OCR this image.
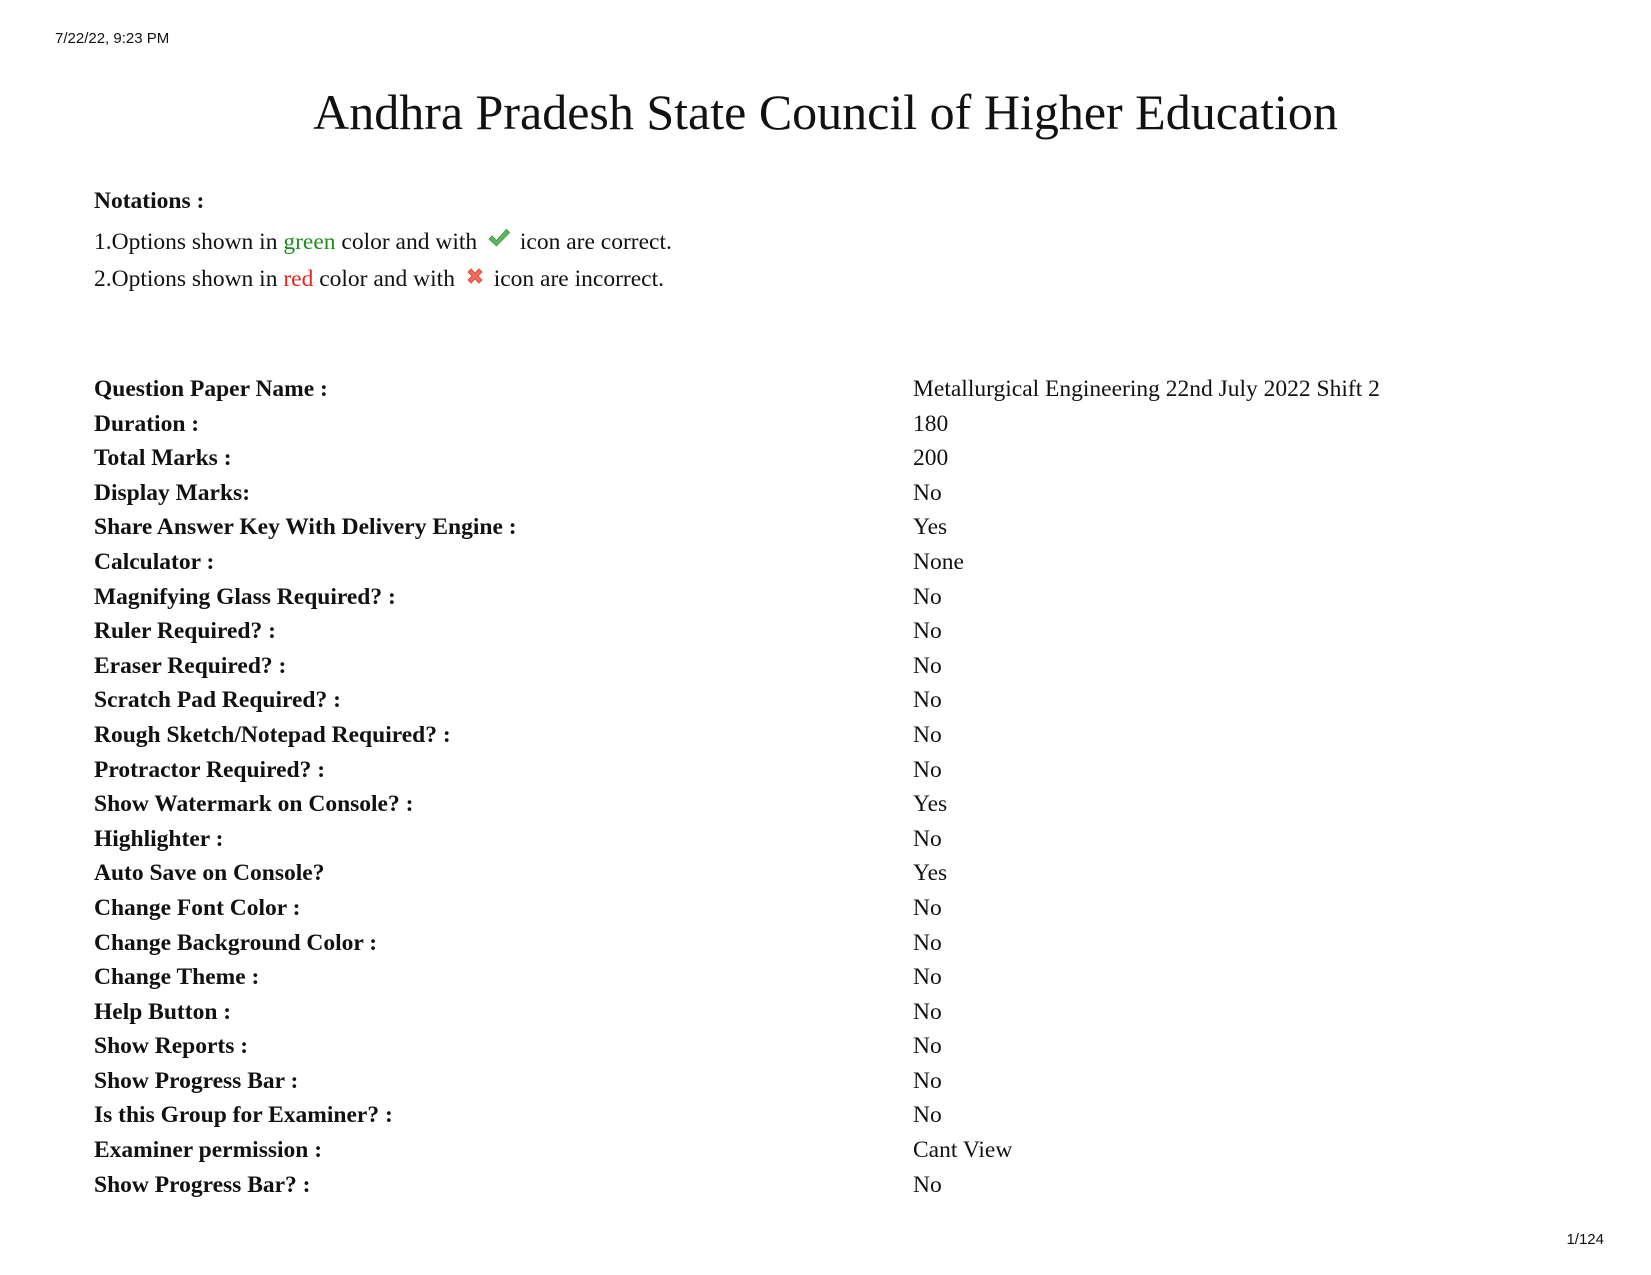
7/22/22, 9:23 PM
Andhra Pradesh State Council of Higher Education
Notations :
1.Options shown in green color and with  icon are correct.
2.Options shown in red color and with  icon are incorrect.
Question Paper Name :	Metallurgical Engineering 22nd July 2022 Shift 2
Duration :	180
Total Marks :	200
Display Marks:	No
Share Answer Key With Delivery Engine :	Yes
Calculator :	None
Magnifying Glass Required? :	No
Ruler Required? :	No
Eraser Required? :	No
Scratch Pad Required? :	No
Rough Sketch/Notepad Required? :	No
Protractor Required? :	No
Show Watermark on Console? :	Yes
Highlighter :	No
Auto Save on Console?	Yes
Change Font Color :	No
Change Background Color :	No
Change Theme :	No
Help Button :	No
Show Reports :	No
Show Progress Bar :	No
Is this Group for Examiner? :	No
Examiner permission :	Cant View
Show Progress Bar? :	No
1/124
